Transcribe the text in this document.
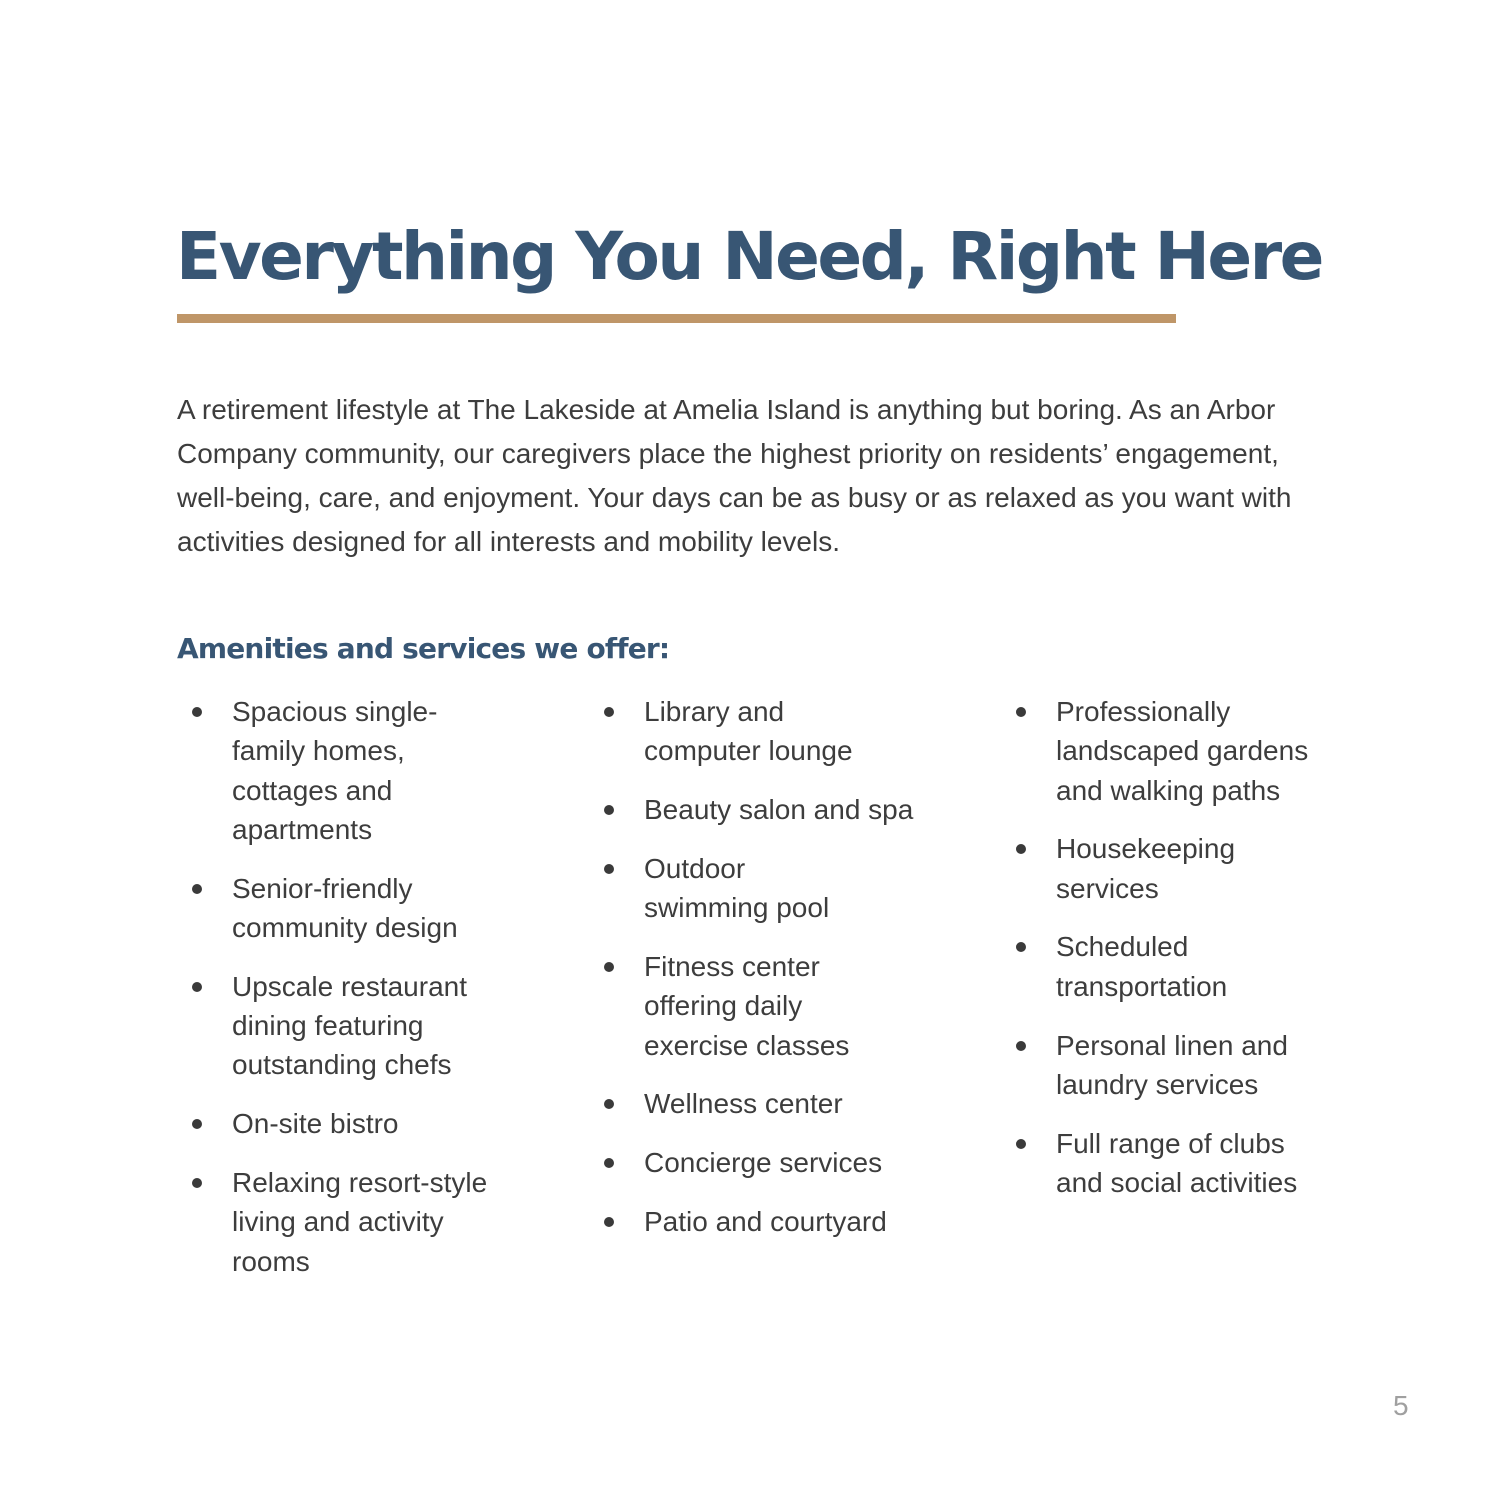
Everything You Need, Right Here

A retirement lifestyle at The Lakeside at Amelia Island is anything but boring. As an Arbor Company community, our caregivers place the highest priority on residents’ engagement, well-being, care, and enjoyment. Your days can be as busy or as relaxed as you want with activities designed for all interests and mobility levels.

Amenities and services we offer:
Spacious single-family homes, cottages and apartments
Senior-friendly community design
Upscale restaurant dining featuring outstanding chefs
On-site bistro
Relaxing resort-style living and activity rooms
Library and computer lounge
Beauty salon and spa
Outdoor swimming pool
Fitness center offering daily exercise classes
Wellness center
Concierge services
Patio and courtyard
Professionally landscaped gardens and walking paths
Housekeeping services
Scheduled transportation
Personal linen and laundry services
Full range of clubs and social activities
5
